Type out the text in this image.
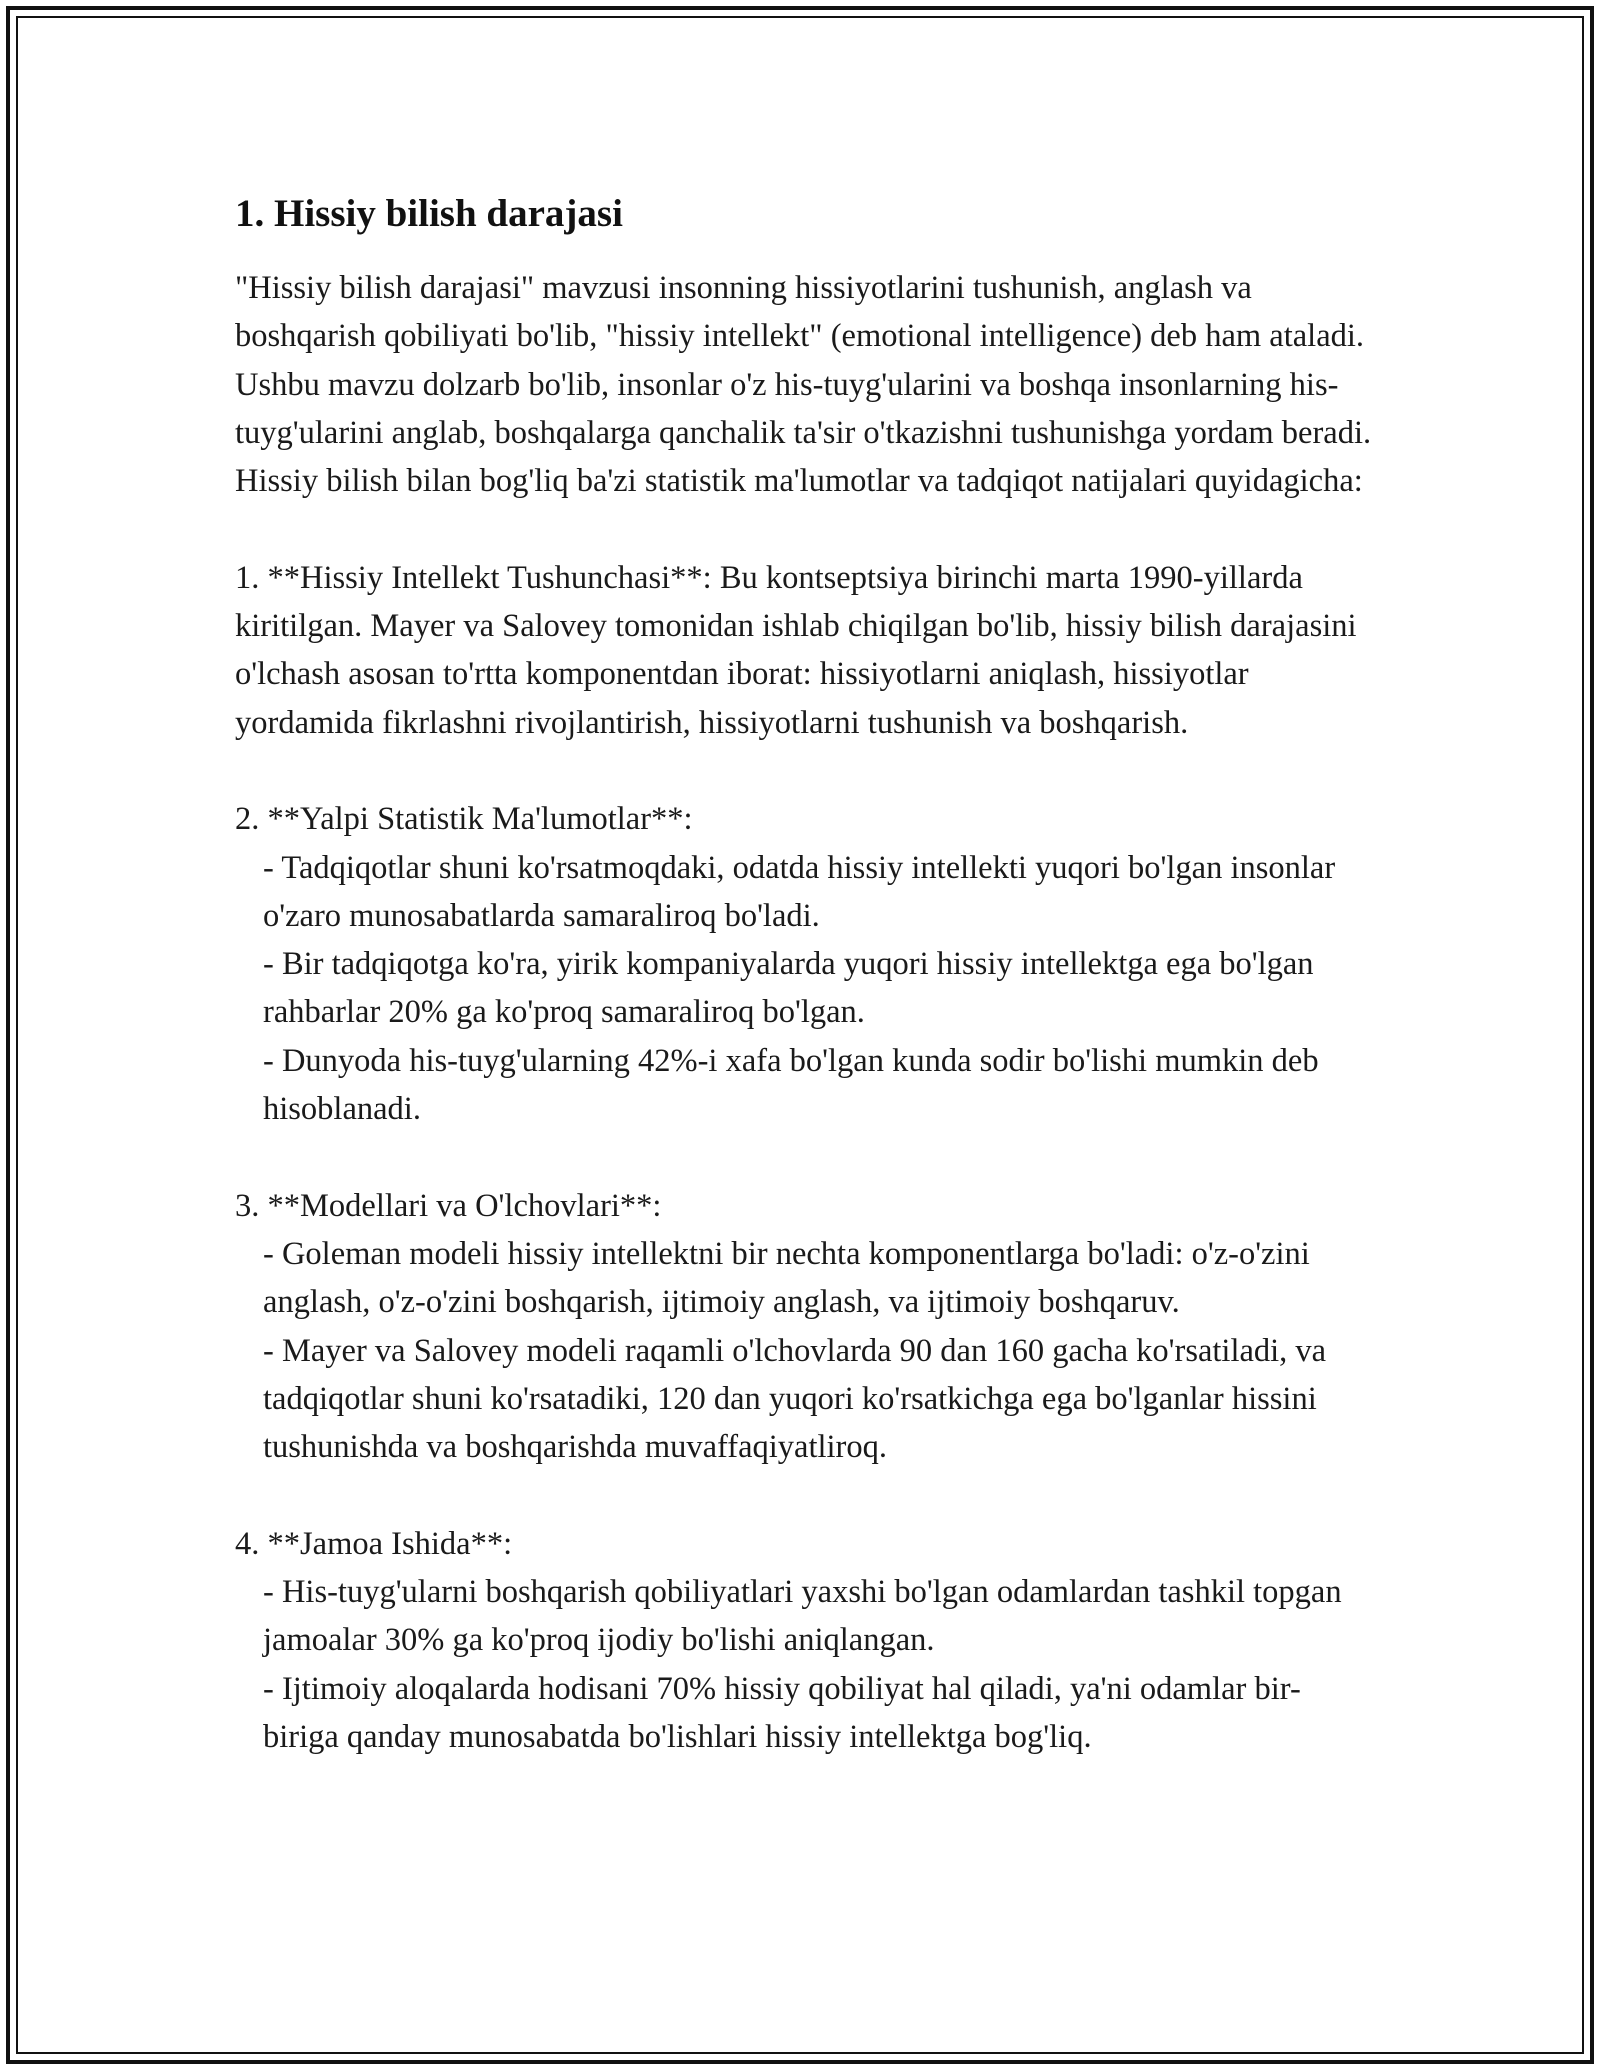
1. Hissiy bilish darajasi

"Hissiy bilish darajasi" mavzusi insonning hissiyotlarini tushunish, anglash va boshqarish qobiliyati bo'lib, "hissiy intellekt" (emotional intelligence) deb ham ataladi. Ushbu mavzu dolzarb bo'lib, insonlar o'z his-tuyg'ularini va boshqa insonlarning his-tuyg'ularini anglab, boshqalarga qanchalik ta'sir o'tkazishni tushunishga yordam beradi. Hissiy bilish bilan bog'liq ba'zi statistik ma'lumotlar va tadqiqot natijalari quyidagicha:

1. **Hissiy Intellekt Tushunchasi**: Bu kontseptsiya birinchi marta 1990-yillarda kiritilgan. Mayer va Salovey tomonidan ishlab chiqilgan bo'lib, hissiy bilish darajasini o'lchash asosan to'rtta komponentdan iborat: hissiyotlarni aniqlash, hissiyotlar yordamida fikrlashni rivojlantirish, hissiyotlarni tushunish va boshqarish.

2. **Yalpi Statistik Ma'lumotlar**:
- Tadqiqotlar shuni ko'rsatmoqdaki, odatda hissiy intellekti yuqori bo'lgan insonlar o'zaro munosabatlarda samaraliroq bo'ladi.
- Bir tadqiqotga ko'ra, yirik kompaniyalarda yuqori hissiy intellektga ega bo'lgan rahbarlar 20% ga ko'proq samaraliroq bo'lgan.
- Dunyoda his-tuyg'ularning 42%-i xafa bo'lgan kunda sodir bo'lishi mumkin deb hisoblanadi.

3. **Modellari va O'lchovlari**:
- Goleman modeli hissiy intellektni bir nechta komponentlarga bo'ladi: o'z-o'zini anglash, o'z-o'zini boshqarish, ijtimoiy anglash, va ijtimoiy boshqaruv.
- Mayer va Salovey modeli raqamli o'lchovlarda 90 dan 160 gacha ko'rsatiladi, va tadqiqotlar shuni ko'rsatadiki, 120 dan yuqori ko'rsatkichga ega bo'lganlar hissini tushunishda va boshqarishda muvaffaqiyatliroq.

4. **Jamoa Ishida**:
- His-tuyg'ularni boshqarish qobiliyatlari yaxshi bo'lgan odamlardan tashkil topgan jamoalar 30% ga ko'proq ijodiy bo'lishi aniqlangan.
- Ijtimoiy aloqalarda hodisani 70% hissiy qobiliyat hal qiladi, ya'ni odamlar bir-biriga qanday munosabatda bo'lishlari hissiy intellektga bog'liq.
